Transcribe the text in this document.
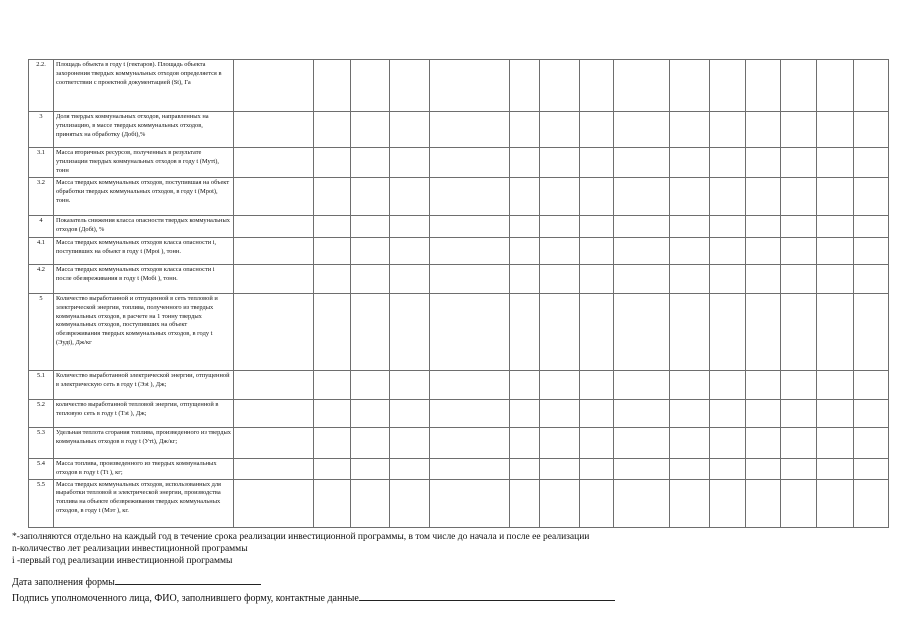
2.2.	Площадь объекта в году t (гектаров). Площадь объекта захоронения твердых коммунальных отходов определяется в соответствии с проектной документацией (St), Га															
3	Доля твердых коммунальных отходов, направленных на утилизацию, в массе твердых коммунальных отходов, принятых на обработку (Добt),%															
3.1	Масса вторичных ресурсов, полученных в результате утилизации твердых коммунальных отходов в году t (Мутt), тонн															
3.2	Масса твердых коммунальных отходов, поступившая на объект обработки твердых коммунальных отходов, в году t (Мрot), тонн.															
4	Показатель снижения класса опасности твердых коммунальных отходов (Добt), %															
4.1	Масса твердых коммунальных отходов класса опасности i, поступивших на объект в году t (Мроi ), тонн.															
4.2	Масса твердых коммунальных отходов класса опасности i после обезвреживания в году t (Мобi ), тонн.															
5	Количество выработанной и отпущенной в сеть тепловой и электрической энергии, топлива, полученного из твердых коммунальных отходов, в расчете на 1 тонну твердых коммунальных отходов, поступивших на объект обезвреживания твердых коммунальных отходов, в году t (Эудt), Дж/кг															
5.1	Количество выработанной электрической энергии, отпущенной в электрическую сеть в году t (Ээt ), Дж;															
5.2	количество выработанной тепловой энергии, отпущенной в тепловую сеть в году t (Тэt ), Дж;															
5.3	Удельная теплота сгорания топлива, произведенного из твердых коммунальных отходов в году t (Утt), Дж/кг;															
5.4	Масса топлива, произведенного из твердых коммунальных отходов в году t (Тt ), кг;															
5.5	Масса твердых коммунальных отходов, использованных для выработки тепловой и электрической энергии, производства топлива на объекте обезвреживания твердых коммунальных отходов, в году t (Мэт ), кг.															
*-заполняются отдельно на каждый год в течение срока реализации инвестиционной программы, в том числе до начала и после ее реализации
n-количество лет реализации инвестиционной программы
i -первый год реализации инвестиционной программы
Дата заполнения формы
Подпись уполномоченного лица, ФИО, заполнившего форму, контактные данные
